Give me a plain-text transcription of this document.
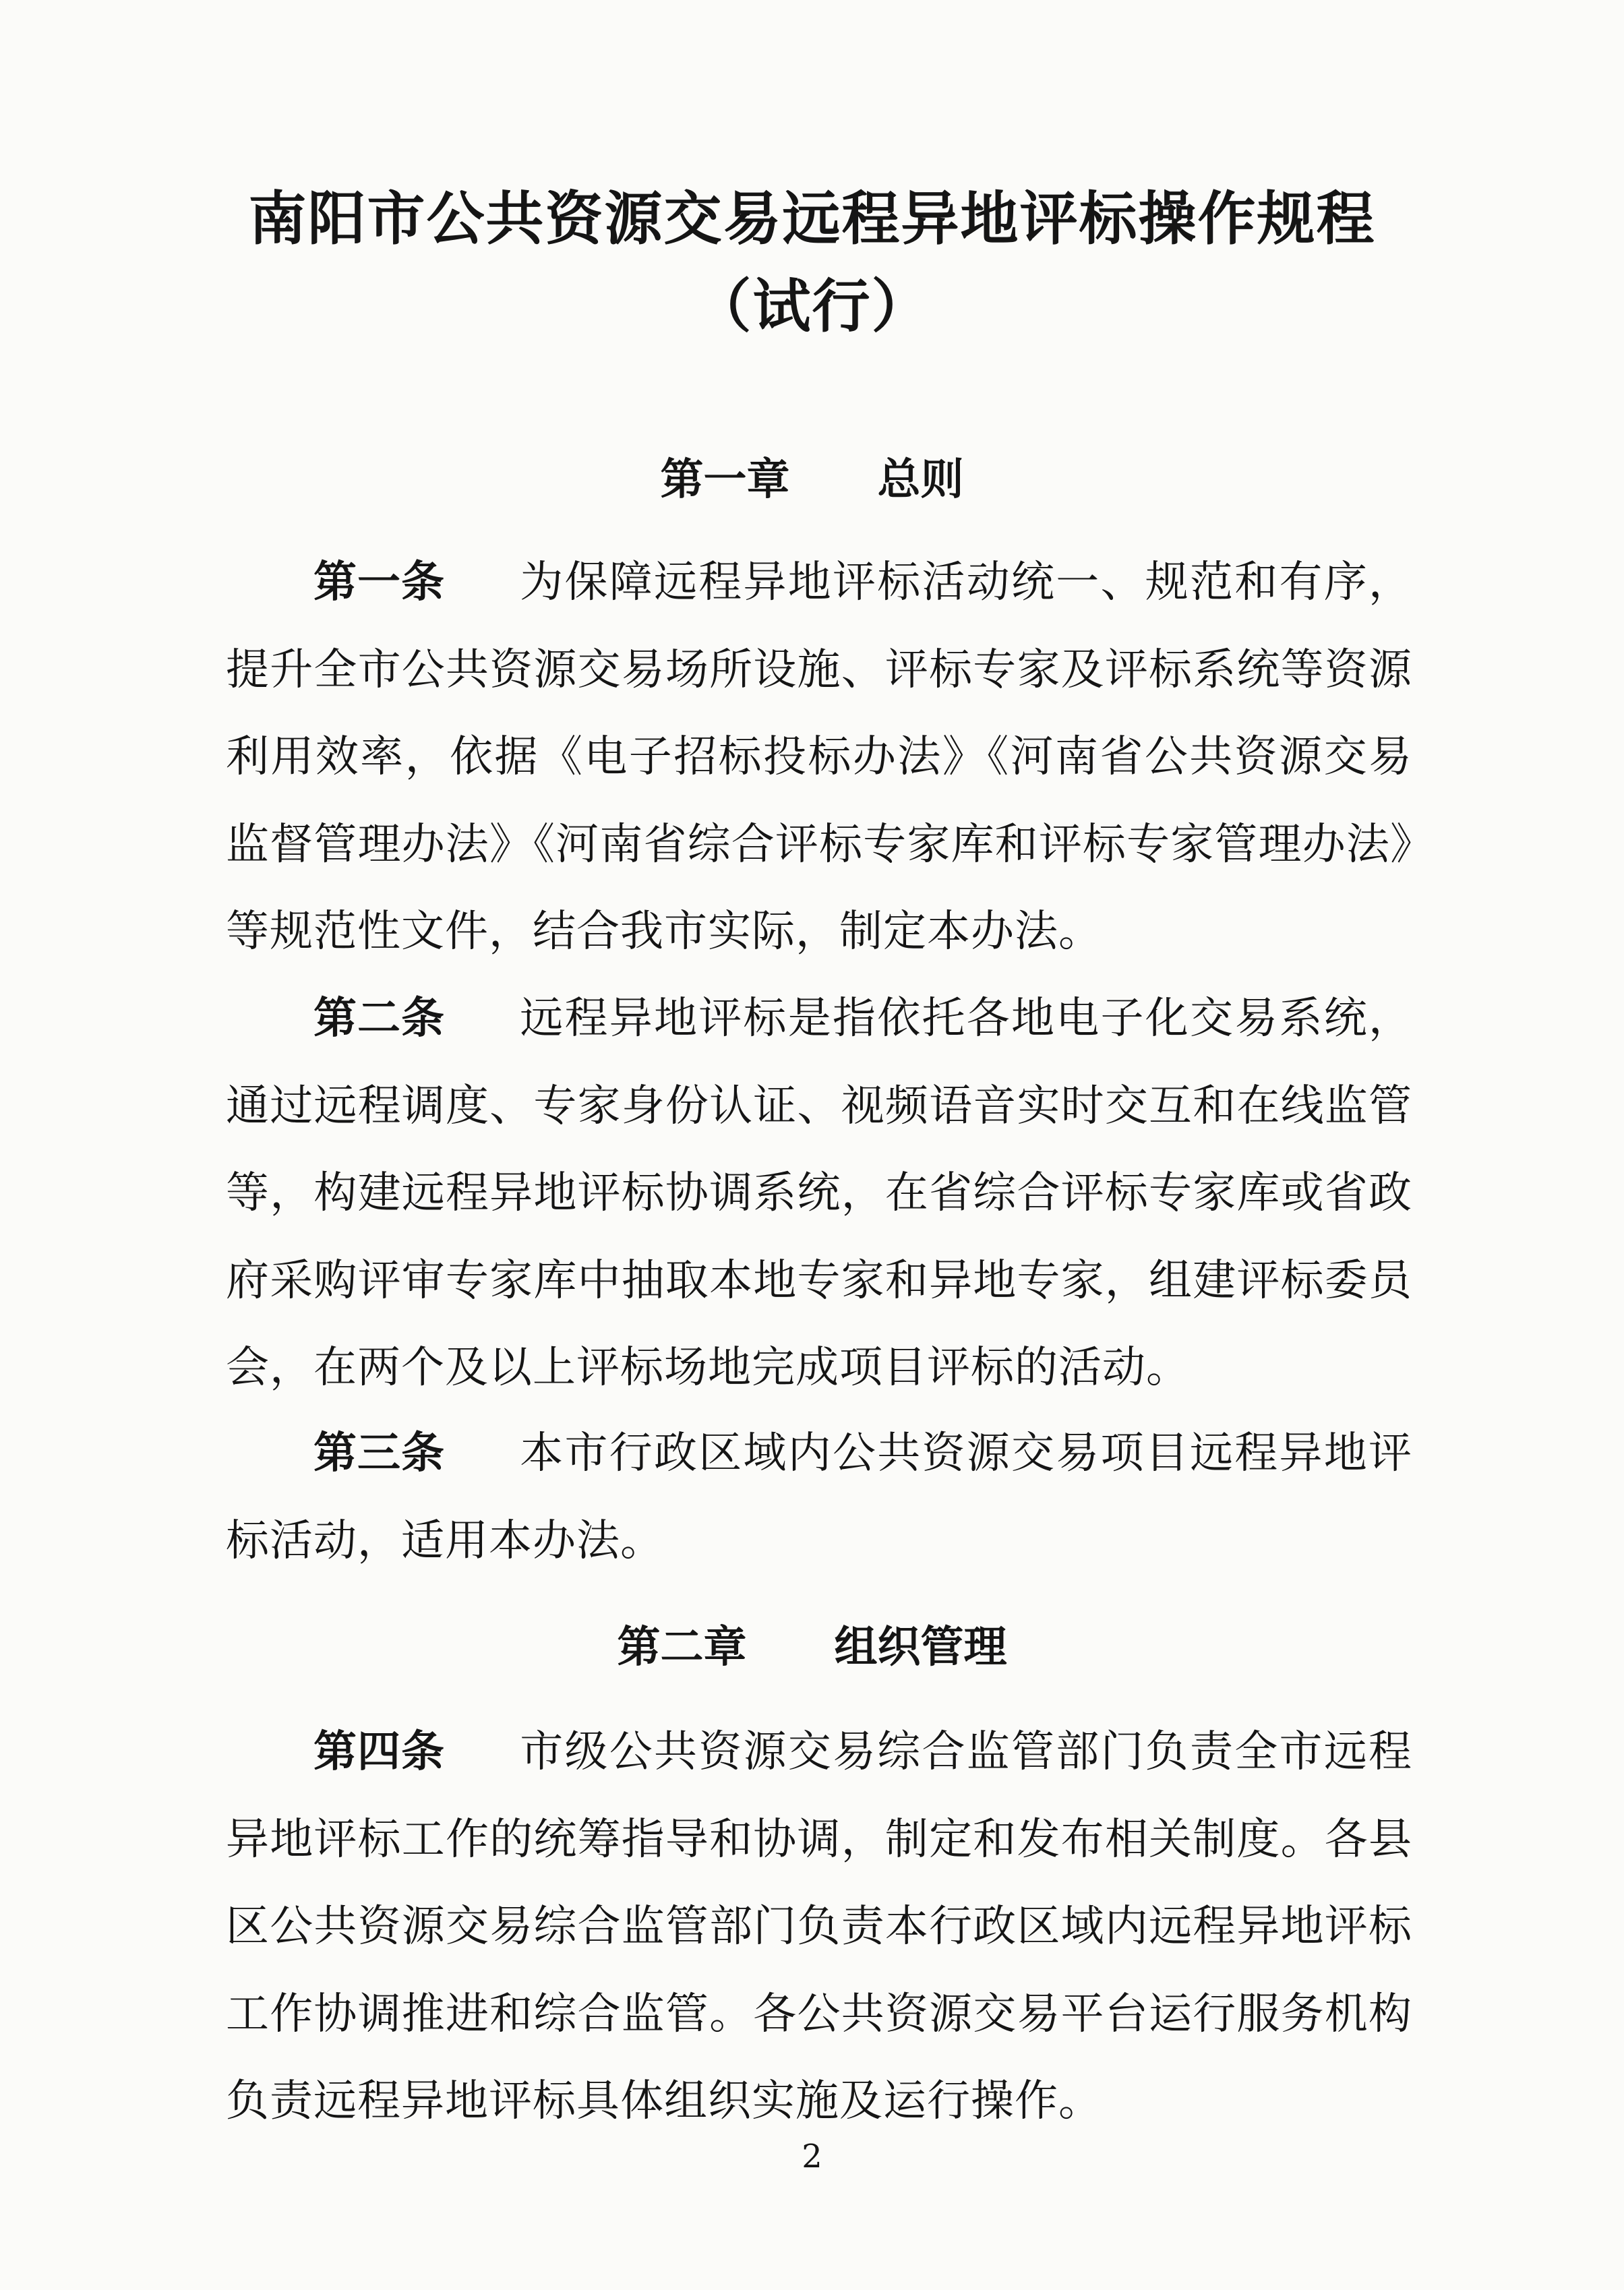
南阳市公共资源交易远程异地评标操作规程
（试行）
第一章 总则
第一条 为保障远程异地评标活动统一、规范和有序，提升全市公共资源交易场所设施、评标专家及评标系统等资源利用效率，依据《电子招标投标办法》《河南省公共资源交易监督管理办法》《河南省综合评标专家库和评标专家管理办法》等规范性文件，结合我市实际，制定本办法。
第二条 远程异地评标是指依托各地电子化交易系统，通过远程调度、专家身份认证、视频语音实时交互和在线监管等，构建远程异地评标协调系统，在省综合评标专家库或省政府采购评审专家库中抽取本地专家和异地专家，组建评标委员会，在两个及以上评标场地完成项目评标的活动。
第三条 本市行政区域内公共资源交易项目远程异地评标活动，适用本办法。
第二章 组织管理
第四条 市级公共资源交易综合监管部门负责全市远程异地评标工作的统筹指导和协调，制定和发布相关制度。各县区公共资源交易综合监管部门负责本行政区域内远程异地评标工作协调推进和综合监管。各公共资源交易平台运行服务机构负责远程异地评标具体组织实施及运行操作。
2
